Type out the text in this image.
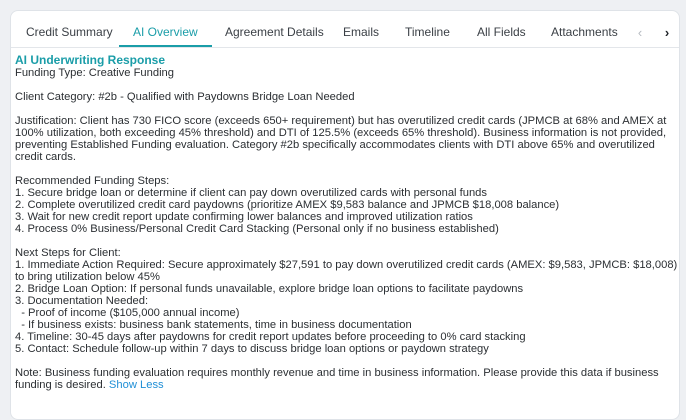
Credit Summary AI Overview Agreement Details Emails Timeline All Fields Attachments	‹	›
AI Underwriting Response
Funding Type: Creative Funding
Client Category: #2b - Qualified with Paydowns Bridge Loan Needed
Justification: Client has 730 FICO score (exceeds 650+ requirement) but has overutilized credit cards (JPMCB at 68% and AMEX at
100% utilization, both exceeding 45% threshold) and DTI of 125.5% (exceeds 65% threshold). Business information is not provided,
preventing Established Funding evaluation. Category #2b specifically accommodates clients with DTI above 65% and overutilized
credit cards.
Recommended Funding Steps:
1. Secure bridge loan or determine if client can pay down overutilized cards with personal funds
2. Complete overutilized credit card paydowns (prioritize AMEX $9,583 balance and JPMCB $18,008 balance)
3. Wait for new credit report update confirming lower balances and improved utilization ratios
4. Process 0% Business/Personal Credit Card Stacking (Personal only if no business established)
Next Steps for Client:
1. Immediate Action Required: Secure approximately $27,591 to pay down overutilized credit cards (AMEX: $9,583, JPMCB: $18,008)
to bring utilization below 45%
2. Bridge Loan Option: If personal funds unavailable, explore bridge loan options to facilitate paydowns
3. Documentation Needed:
- Proof of income ($105,000 annual income)
- If business exists: business bank statements, time in business documentation
4. Timeline: 30-45 days after paydowns for credit report updates before proceeding to 0% card stacking
5. Contact: Schedule follow-up within 7 days to discuss bridge loan options or paydown strategy
Note: Business funding evaluation requires monthly revenue and time in business information. Please provide this data if business
funding is desired. Show Less
